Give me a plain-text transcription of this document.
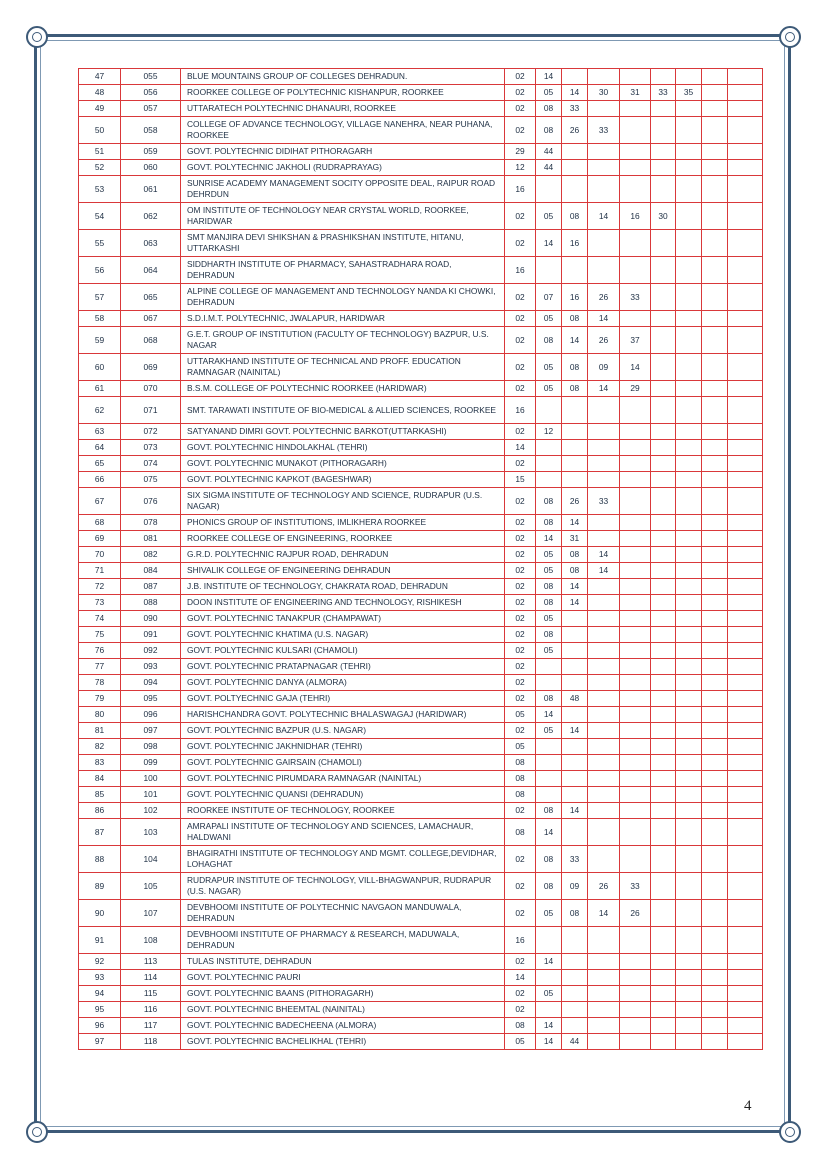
47	055	BLUE MOUNTAINS GROUP OF COLLEGES DEHRADUN.	02	14							
48	056	ROORKEE COLLEGE OF POLYTECHNIC KISHANPUR, ROORKEE	02	05	14	30	31	33	35		
49	057	UTTARATECH POLYTECHNIC DHANAURI, ROORKEE	02	08	33						
50	058	COLLEGE OF ADVANCE TECHNOLOGY, VILLAGE NANEHRA, NEAR PUHANA, ROORKEE	02	08	26	33					
51	059	GOVT. POLYTECHNIC DIDIHAT PITHORAGARH	29	44							
52	060	GOVT. POLYTECHNIC JAKHOLI (RUDRAPRAYAG)	12	44							
53	061	SUNRISE ACADEMY MANAGEMENT SOCITY OPPOSITE DEAL, RAIPUR ROAD DEHRDUN	16								
54	062	OM INSTITUTE OF TECHNOLOGY NEAR CRYSTAL WORLD, ROORKEE, HARIDWAR	02	05	08	14	16	30			
55	063	SMT MANJIRA DEVI SHIKSHAN & PRASHIKSHAN INSTITUTE, HITANU, UTTARKASHI	02	14	16						
56	064	SIDDHARTH INSTITUTE OF PHARMACY, SAHASTRADHARA ROAD, DEHRADUN	16								
57	065	ALPINE COLLEGE OF MANAGEMENT AND TECHNOLOGY NANDA KI CHOWKI, DEHRADUN	02	07	16	26	33				
58	067	S.D.I.M.T. POLYTECHNIC, JWALAPUR, HARIDWAR	02	05	08	14					
59	068	G.E.T. GROUP OF INSTITUTION (FACULTY OF TECHNOLOGY) BAZPUR, U.S. NAGAR	02	08	14	26	37				
60	069	UTTARAKHAND INSTITUTE OF TECHNICAL AND PROFF. EDUCATION RAMNAGAR (NAINITAL)	02	05	08	09	14				
61	070	B.S.M. COLLEGE OF POLYTECHNIC ROORKEE (HARIDWAR)	02	05	08	14	29				
62	071	SMT. TARAWATI INSTITUTE OF BIO-MEDICAL & ALLIED SCIENCES, ROORKEE	16								
63	072	SATYANAND DIMRI GOVT. POLYTECHNIC BARKOT(UTTARKASHI)	02	12							
64	073	GOVT. POLYTECHNIC HINDOLAKHAL (TEHRI)	14								
65	074	GOVT. POLYTECHNIC MUNAKOT (PITHORAGARH)	02								
66	075	GOVT. POLYTECHNIC KAPKOT (BAGESHWAR)	15								
67	076	SIX SIGMA INSTITUTE OF TECHNOLOGY AND SCIENCE, RUDRAPUR (U.S. NAGAR)	02	08	26	33					
68	078	PHONICS GROUP OF INSTITUTIONS, IMLIKHERA ROORKEE	02	08	14						
69	081	ROORKEE COLLEGE OF ENGINEERING, ROORKEE	02	14	31						
70	082	G.R.D. POLYTECHNIC RAJPUR ROAD, DEHRADUN	02	05	08	14					
71	084	SHIVALIK COLLEGE OF ENGINEERING DEHRADUN	02	05	08	14					
72	087	J.B. INSTITUTE OF TECHNOLOGY, CHAKRATA ROAD, DEHRADUN	02	08	14						
73	088	DOON INSTITUTE OF ENGINEERING AND TECHNOLOGY, RISHIKESH	02	08	14						
74	090	GOVT. POLYTECHNIC TANAKPUR (CHAMPAWAT)	02	05							
75	091	GOVT. POLYTECHNIC KHATIMA (U.S. NAGAR)	02	08							
76	092	GOVT. POLYTECHNIC KULSARI (CHAMOLI)	02	05							
77	093	GOVT. POLYTECHNIC PRATAPNAGAR (TEHRI)	02								
78	094	GOVT. POLYTECHNIC DANYA (ALMORA)	02								
79	095	GOVT. POLTYECHNIC GAJA (TEHRI)	02	08	48						
80	096	HARISHCHANDRA GOVT. POLYTECHNIC BHALASWAGAJ (HARIDWAR)	05	14							
81	097	GOVT. POLYTECHNIC BAZPUR (U.S. NAGAR)	02	05	14						
82	098	GOVT. POLYTECHNIC JAKHNIDHAR (TEHRI)	05								
83	099	GOVT. POLYTECHNIC GAIRSAIN (CHAMOLI)	08								
84	100	GOVT. POLYTECHNIC PIRUMDARA RAMNAGAR (NAINITAL)	08								
85	101	GOVT. POLYTECHNIC QUANSI (DEHRADUN)	08								
86	102	ROORKEE INSTITUTE OF TECHNOLOGY, ROORKEE	02	08	14						
87	103	AMRAPALI INSTITUTE OF TECHNOLOGY AND SCIENCES, LAMACHAUR, HALDWANI	08	14							
88	104	BHAGIRATHI INSTITUTE OF TECHNOLOGY AND MGMT. COLLEGE,DEVIDHAR, LOHAGHAT	02	08	33						
89	105	RUDRAPUR INSTITUTE OF TECHNOLOGY, VILL-BHAGWANPUR, RUDRAPUR (U.S. NAGAR)	02	08	09	26	33				
90	107	DEVBHOOMI INSTITUTE OF POLYTECHNIC NAVGAON MANDUWALA, DEHRADUN	02	05	08	14	26				
91	108	DEVBHOOMI INSTITUTE OF PHARMACY & RESEARCH, MADUWALA, DEHRADUN	16								
92	113	TULAS INSTITUTE, DEHRADUN	02	14							
93	114	GOVT. POLYTECHNIC PAURI	14								
94	115	GOVT. POLYTECHNIC BAANS (PITHORAGARH)	02	05							
95	116	GOVT. POLYTECHNIC BHEEMTAL (NAINITAL)	02								
96	117	GOVT. POLYTECHNIC BADECHEENA (ALMORA)	08	14							
97	118	GOVT. POLYTECHNIC BACHELIKHAL (TEHRI)	05	14	44						
4
